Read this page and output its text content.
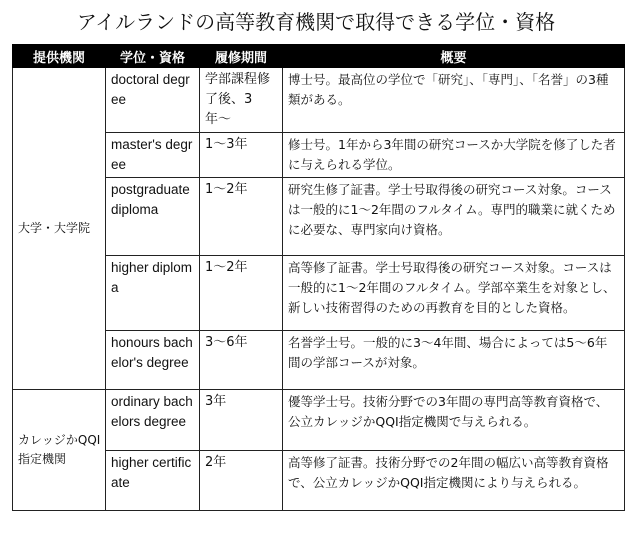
アイルランドの高等教育機関で取得できる学位・資格
提供機関	学位・資格	履修期間	概要
大学・大学院	doctoral degree	学部課程修了後、3年〜	博士号。最高位の学位で「研究」、「専門」、「名誉」の3種類がある。
	master's degree	1〜3年	修士号。1年から3年間の研究コースか大学院を修了した者に与えられる学位。
	postgraduate diploma	1〜2年	研究生修了証書。学士号取得後の研究コース対象。コースは一般的に1〜2年間のフルタイム。専門的職業に就くために必要な、専門家向け資格。
	higher diploma	1〜2年	高等修了証書。学士号取得後の研究コース対象。コースは一般的に1〜2年間のフルタイム。学部卒業生を対象とし、新しい技術習得のための再教育を目的とした資格。
	honours bachelor's degree	3〜6年	名誉学士号。一般的に3〜4年間、場合によっては5〜6年間の学部コースが対象。
カレッジかQQI指定機関	ordinary bachelors degree	3年	優等学士号。技術分野での3年間の専門高等教育資格で、公立カレッジかQQI指定機関で与えられる。
	higher certificate	2年	高等修了証書。技術分野での2年間の幅広い高等教育資格で、公立カレッジかQQI指定機関により与えられる。
